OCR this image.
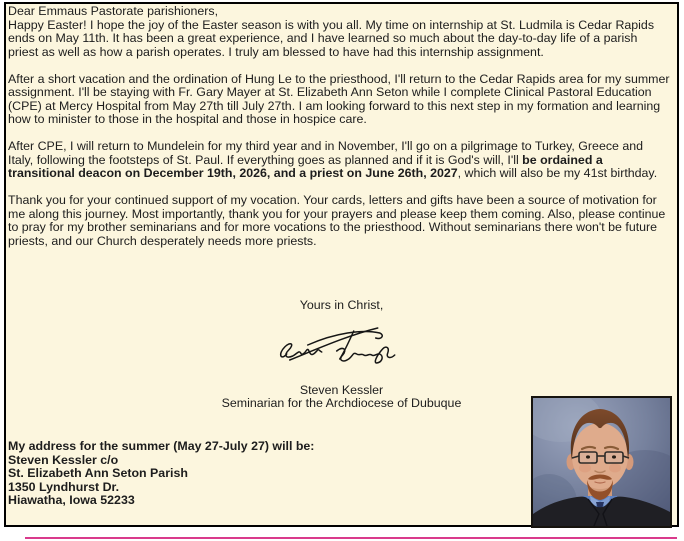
Dear Emmaus Pastorate parishioners,
Happy Easter! I hope the joy of the Easter season is with you all. My time on internship at St. Ludmila is Cedar Rapids ends on May 11th. It has been a great experience, and I have learned so much about the day-to-day life of a parish priest as well as how a parish operates. I truly am blessed to have had this internship assignment.

After a short vacation and the ordination of Hung Le to the priesthood, I'll return to the Cedar Rapids area for my summer assignment. I'll be staying with Fr. Gary Mayer at St. Elizabeth Ann Seton while I complete Clinical Pastoral Education (CPE) at Mercy Hospital from May 27th till July 27th. I am looking forward to this next step in my formation and learning how to minister to those in the hospital and those in hospice care.

After CPE, I will return to Mundelein for my third year and in November, I'll go on a pilgrimage to Turkey, Greece and Italy, following the footsteps of St. Paul. If everything goes as planned and if it is God's will, I'll be ordained a transitional deacon on December 19th, 2026, and a priest on June 26th, 2027, which will also be my 41st birthday.

Thank you for your continued support of my vocation. Your cards, letters and gifts have been a source of motivation for me along this journey. Most importantly, thank you for your prayers and please keep them coming. Also, please continue to pray for my brother seminarians and for more vocations to the priesthood. Without seminarians there won't be future priests, and our Church desperately needs more priests.

Yours in Christ,
Steven Kessler
Seminarian for the Archdiocese of Dubuque
My address for the summer (May 27-July 27) will be:
Steven Kessler c/o
St. Elizabeth Ann Seton Parish
1350 Lyndhurst Dr.
Hiawatha, Iowa 52233
